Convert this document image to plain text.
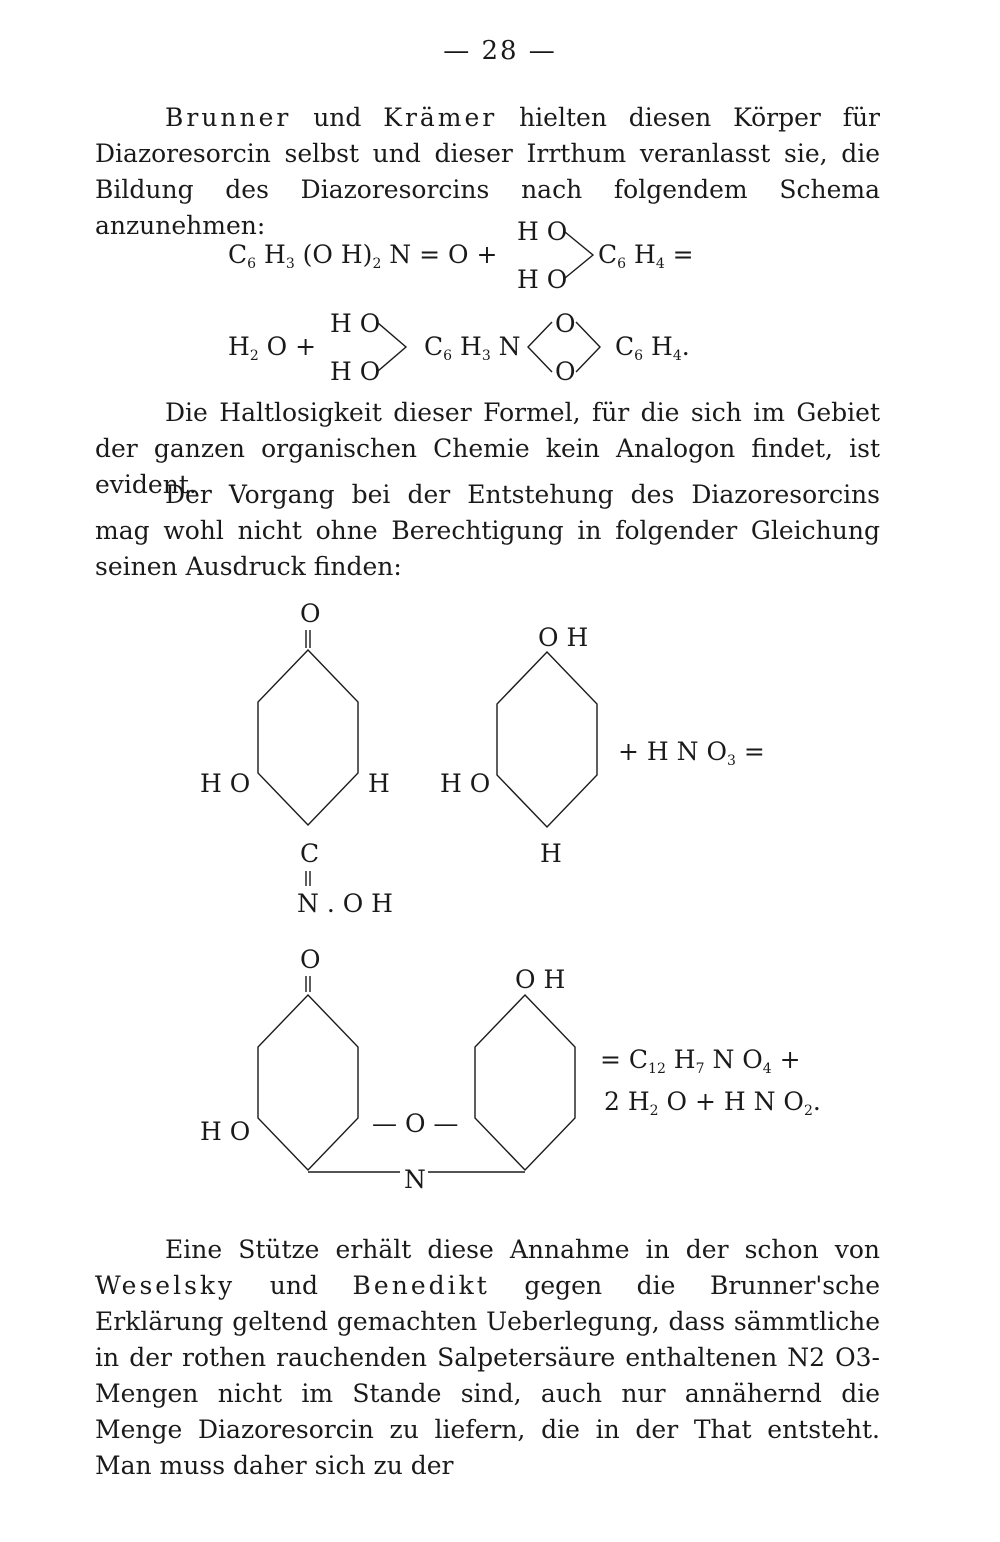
— 28 —

Brunner und Krämer hielten diesen Körper für Diazoresorcin selbst und dieser Irrthum veranlasst sie, die Bildung des Diazoresorcins nach folgendem Schema anzunehmen:

$C_6$ $H_3$ (O $H)_2$ N = O +
H O
H O
$C_6$ $H_4$ =
$H_2$ O +
H O
H O
$C_6$ $H_3$ N
O
O
$C_6$ $H_4$.

Die Haltlosigkeit dieser Formel, für die sich im Gebiet der ganzen organischen Chemie kein Analogon findet, ist evident.

Der Vorgang bei der Entstehung des Diazoresorcins mag wohl nicht ohne Berechtigung in folgender Gleichung seinen Ausdruck finden:

O
H O	H
C
N . O H
O H
H O
H
+ H N $O_3$ =
O
H O	— O —
O H
N
= $C_{12}$ $H_7$ N $O_4$ +
2 $H_2$ O + H N $O_2$.

Eine Stütze erhält diese Annahme in der schon von Weselsky und Benedikt gegen die Brunner'sche Erklärung geltend gemachten Ueberlegung, dass sämmtliche in der rothen rauchenden Salpetersäure enthaltenen N2 O3-Mengen nicht im Stande sind, auch nur annähernd die Menge Diazoresorcin zu liefern, die in der That entsteht. Man muss daher sich zu der
